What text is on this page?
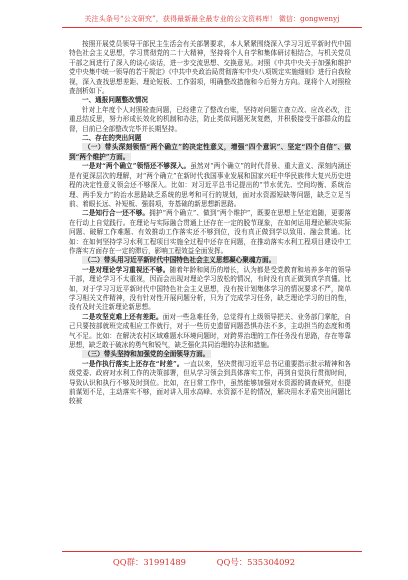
关注头条号“公文研究”，获得最新最全最专业的公文资料库！ 微信：gongwenyj

按照开展党员领导干部民主生活会有关部署要求，本人紧紧围绕深入学习习近平新时代中国特色社会主义思想，学习贯彻党的二十大精神，坚持将个人自学和集体研讨相结合，与机关党员干部之间进行了深入的谈心谈话，进一步交流思想、交换意见。对照《中共中央关于加强和维护党中央集中统一领导的若干规定》《中共中央政治局贯彻落实中央八项规定实施细则》进行自我检视，深入查找思想差距、理论短板、工作弱项，明确整改措施和今后努力方向。现将个人对照检查剖析如下。

一、通报问题整改情况

针对上年度个人对照检查问题，已经建立了整改台账，坚持对问题立查立改、应改必改，注重总结反思，努力形成长效化的机制和办法，防止类似问题死灰复燃，并积极接受干部群众的监督，目前已全部整改完毕并长期坚持。

二、存在的突出问题

（一）带头深刻领悟“两个确立”的决定性意义，增强“四个意识”、坚定“四个自信”、做到“两个维护”方面。

一是对“两个确立”领悟还不够深入。虽然对“两个确立”的时代背景、重大意义、深刻内涵还是有更深层次的理解，对“两个确立”在新时代我国事业发展和国家兴旺中华民族伟大复兴历史进程的决定性意义领会还不够深入。比如：对习近平总书记提出的“节水优先、空间均衡、系统治理、两手发力”的治水思路缺乏系统的思考和可行的规划，面对水资源短缺等问题，缺乏立足当前、着眼长远、补短板、强弱项，夯基础的新思想新思路。

二是知行合一还不够。拥护“两个确立”、做到“两个维护”，既要在思想上坚定追随，更要落在行动上自觉践行。在理论与实际融合贯通上还存在一定的脱节现象，在如何运用理论解决实际问题、破解工作难题、有效推动工作落实还不够到位，没有真正做到学以致用、融会贯通。比如：在如何坚持学习水利工程项目实施全过程中还存在问题，在推动落实水利工程项目建设中工作落实方面存在一定的滞后，影响工程效益全面发挥。

（二）带头用习近平新时代中国特色社会主义思想凝心聚魂方面。

一是对理论学习重视还不够。随着年龄和阅历的增长，认为都是受党教育和培养多年的领导干部，理论学习不太重视，因而会出现对理论学习放松的情况，有时没有真正做到真学真懂。比如，对于学习习近平新时代中国特色社会主义思想，没有按计划集体学习的情况要求不严，简单学习相关文件精神，没有针对性开展问题分析，只为了完成学习任务，缺乏理论学习的目的性，没有及时关注新理论新思想。

二是攻坚克难上还有差距。面对一些急难任务，总觉得有上级领导把关、业务部门掌舵，自己只要按部就班完成相应工作就行，对于一些历史遗留问题恐惧办法不多，主动担当的态度和勇气不足。比如：在解决农村区域难题水环境问题时，对跨界治理的工作任务没有思路，存在等靠思想，缺乏敢于破冰的勇气和锐气，缺乏强化共同治理的办法和措施。

（三）带头坚持和加强党的全面领导方面。

一是作执行落实上还存在“时差”。一直以来，坚决贯彻习近平总书记重要指示批示精神和各级党委、政府对水利工作的决策部署，但从学习领会到具体落实工作，再到自觉执行贯彻时间，导致认识和执行不够及时到位。比如，在日常工作中，虽然能够加强对水资源的调查研究，但提前谋划不足，主动落实不够，面对讲入用水高峰、水资源不足的情况，解决用水矛盾突出问题比较被

QQ群：31991489	QQ号：535304092
